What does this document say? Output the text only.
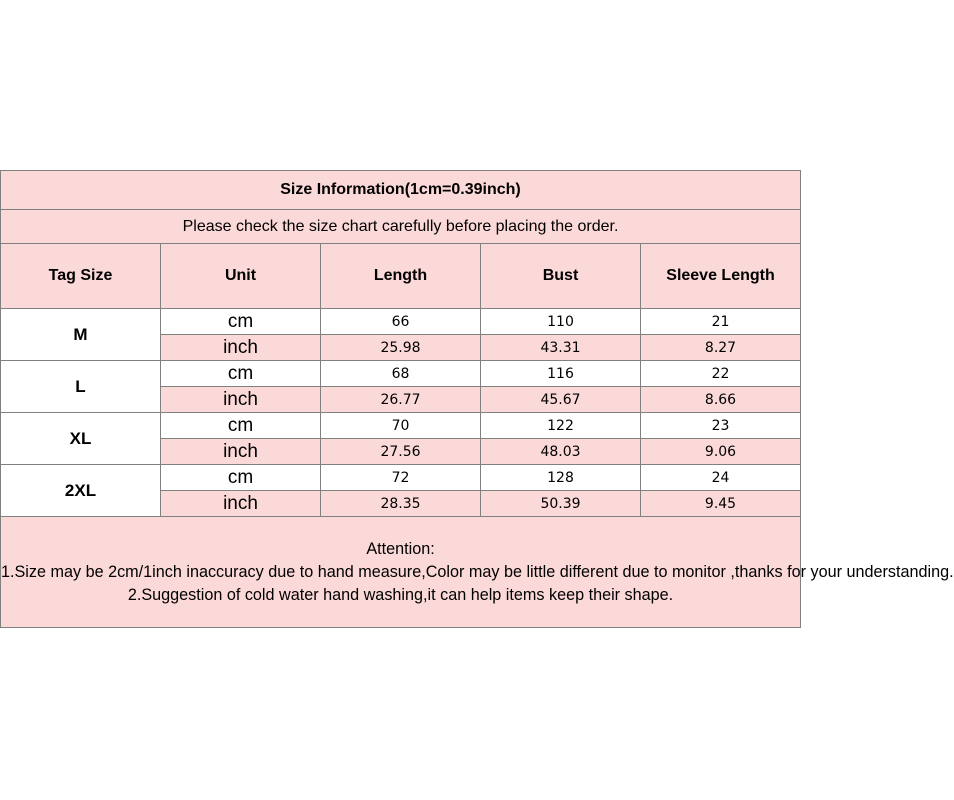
Size Information(1cm=0.39inch)				
Please check the size chart carefully before placing the order.				
Tag Size	Unit	Length	Bust	Sleeve Length
M	cm	66	110	21
	inch	25.98	43.31	8.27
L	cm	68	116	22
	inch	26.77	45.67	8.66
XL	cm	70	122	23
	inch	27.56	48.03	9.06
2XL	cm	72	128	24
	inch	28.35	50.39	9.45

Attention:
1.Size may be 2cm/1inch inaccuracy due to hand measure,Color may be little different due to monitor ,thanks for your understanding.
2.Suggestion of cold water hand washing,it can help items keep their shape.				
